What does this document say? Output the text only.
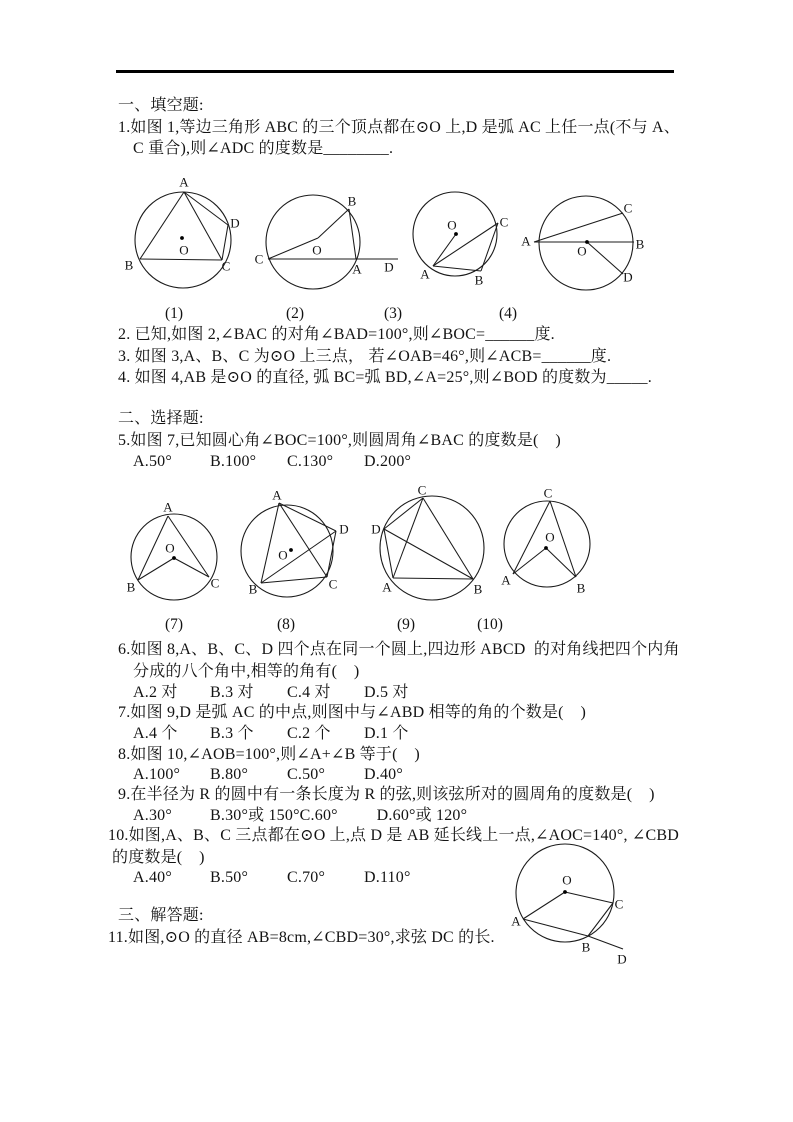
一、填空题:
1.如图 1,等边三角形 ABC 的三个顶点都在⊙O 上,D 是弧 AC 上任一点(不与 A、
C 重合),则∠ADC 的度数是________.
2. 已知,如图 2,∠BAC 的对角∠BAD=100°,则∠BOC=______度.
3. 如图 3,A、B、C 为⊙O 上三点， 若∠OAB=46°,则∠ACB=______度.
4. 如图 4,AB 是⊙O 的直径, 弧 BC=弧 BD,∠A=25°,则∠BOD 的度数为_____.
二、选择题:
5.如图 7,已知圆心角∠BOC=100°,则圆周角∠BAC 的度数是(    )
A.50° B.100° C.130° D.200°
6.如图 8,A、B、C、D 四个点在同一个圆上,四边形 ABCD  的对角线把四个内角
分成的八个角中,相等的角有(    )
A.2 对 B.3 对 C.4 对 D.5 对
7.如图 9,D 是弧 AC 的中点,则图中与∠ABD 相等的角的个数是(    )
A.4 个 B.3 个 C.2 个 D.1 个
8.如图 10,∠AOB=100°,则∠A+∠B 等于(    )
A.100° B.80° C.50° D.40°
9.在半径为 R 的圆中有一条长度为 R 的弦,则该弦所对的圆周角的度数是(    )
A.30° B.30°或 150°C.60° D.60°或 120°
10.如图,A、B、C 三点都在⊙O 上,点 D 是 AB 延长线上一点,∠AOC=140°, ∠CBD
的度数是(    )
A.40° B.50° C.70° D.110°
三、解答题:
11.如图,⊙O 的直径 AB=8cm,∠CBD=30°,求弦 DC 的长.
A
B	C
D
O
(1)
C
O
B
A D
(2)
O
A	B
C
(3)
A	B
C
D
O
(4)
A
B	C
O
(7)
A
B	C
D
O
(8)
C
D
A	B
(9)
C
A
B
O
(10)
O
A
C
B
D
